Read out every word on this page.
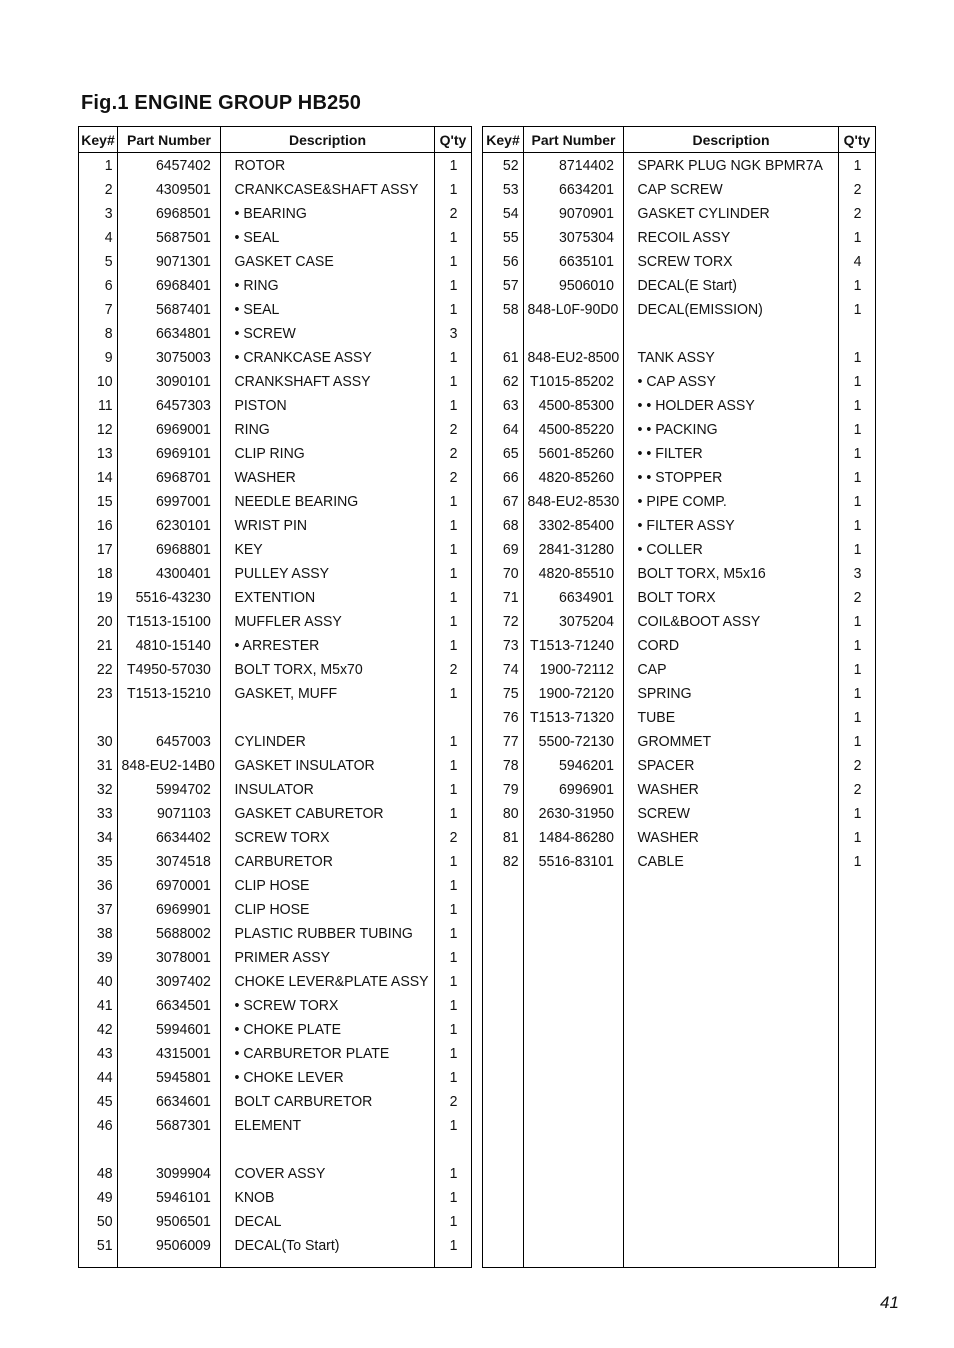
Fig.1 ENGINE GROUP HB250
Key#	Part Number	Description	Q'ty
1	6457402	ROTOR	1
2	4309501	CRANKCASE&SHAFT ASSY	1
3	6968501	• BEARING	2
4	5687501	• SEAL	1
5	9071301	GASKET CASE	1
6	6968401	• RING	1
7	5687401	• SEAL	1
8	6634801	• SCREW	3
9	3075003	• CRANKCASE ASSY	1
10	3090101	CRANKSHAFT ASSY	1
11	6457303	PISTON	1
12	6969001	RING	2
13	6969101	CLIP RING	2
14	6968701	WASHER	2
15	6997001	NEEDLE BEARING	1
16	6230101	WRIST PIN	1
17	6968801	KEY	1
18	4300401	PULLEY ASSY	1
19	5516-43230	EXTENTION	1
20	T1513-15100	MUFFLER ASSY	1
21	4810-15140	• ARRESTER	1
22	T4950-57030	BOLT TORX, M5x70	2
23	T1513-15210	GASKET, MUFF	1

30	6457003	CYLINDER	1
31	848-EU2-14B0	GASKET INSULATOR	1
32	5994702	INSULATOR	1
33	9071103	GASKET CABURETOR	1
34	6634402	SCREW TORX	2
35	3074518	CARBURETOR	1
36	6970001	CLIP HOSE	1
37	6969901	CLIP HOSE	1
38	5688002	PLASTIC RUBBER TUBING	1
39	3078001	PRIMER ASSY	1
40	3097402	CHOKE LEVER&PLATE ASSY	1
41	6634501	• SCREW TORX	1
42	5994601	• CHOKE PLATE	1
43	4315001	• CARBURETOR PLATE	1
44	5945801	• CHOKE LEVER	1
45	6634601	BOLT CARBURETOR	2
46	5687301	ELEMENT	1

48	3099904	COVER ASSY	1
49	5946101	KNOB	1
50	9506501	DECAL	1
51	9506009	DECAL(To Start)	1

Key#	Part Number	Description	Q'ty
52	8714402	SPARK PLUG NGK BPMR7A	1
53	6634201	CAP SCREW	2
54	9070901	GASKET CYLINDER	2
55	3075304	RECOIL ASSY	1
56	6635101	SCREW TORX	4
57	9506010	DECAL(E Start)	1
58	848-L0F-90D0	DECAL(EMISSION)	1

61	848-EU2-8500	TANK ASSY	1
62	T1015-85202	• CAP ASSY	1
63	4500-85300	• • HOLDER ASSY	1
64	4500-85220	• • PACKING	1
65	5601-85260	• • FILTER	1
66	4820-85260	• • STOPPER	1
67	848-EU2-8530	• PIPE COMP.	1
68	3302-85400	• FILTER ASSY	1
69	2841-31280	• COLLER	1
70	4820-85510	BOLT TORX, M5x16	3
71	6634901	BOLT TORX	2
72	3075204	COIL&BOOT ASSY	1
73	T1513-71240	CORD	1
74	1900-72112	CAP	1
75	1900-72120	SPRING	1
76	T1513-71320	TUBE	1
77	5500-72130	GROMMET	1
78	5946201	SPACER	2
79	6996901	WASHER	2
80	2630-31950	SCREW	1
81	1484-86280	WASHER	1
82	5516-83101	CABLE	1

41
